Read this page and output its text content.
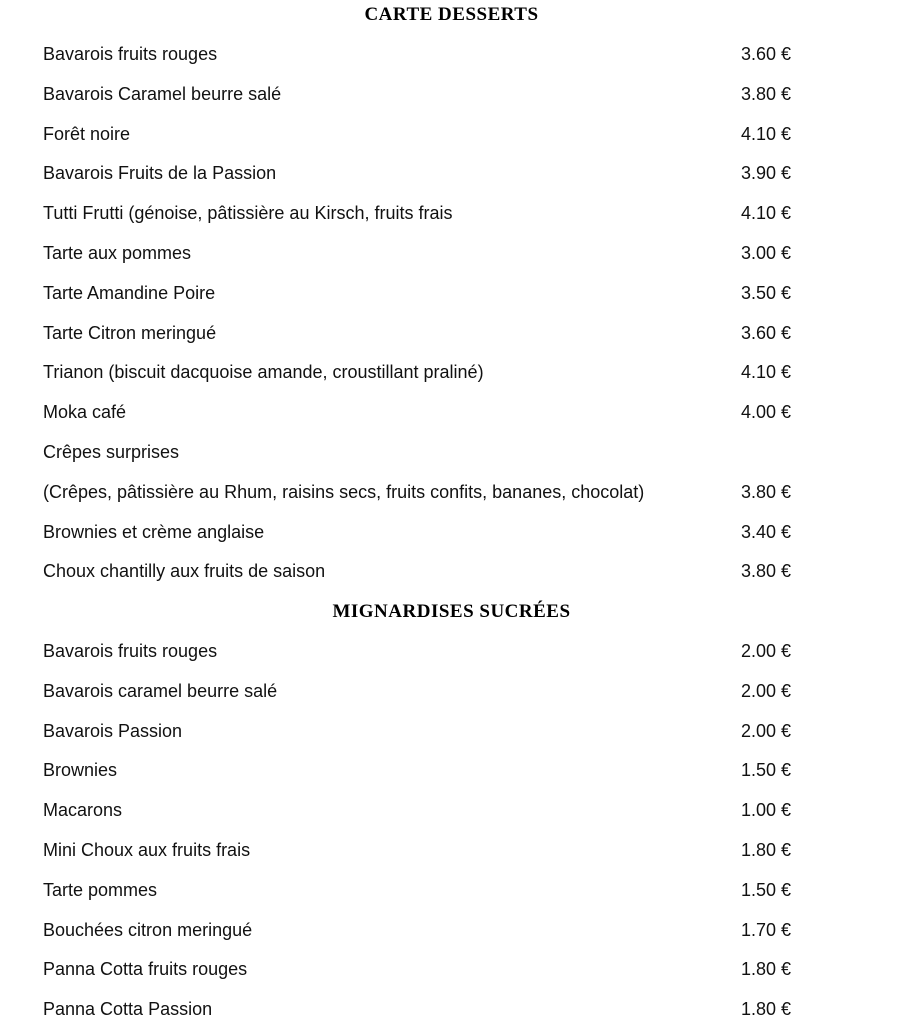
CARTE DESSERTS
Bavarois fruits rouges	3.60 €
Bavarois Caramel beurre salé	3.80 €
Forêt noire	4.10 €
Bavarois Fruits de la Passion	3.90 €
Tutti Frutti (génoise, pâtissière au Kirsch, fruits frais	4.10 €
Tarte aux pommes	3.00 €
Tarte Amandine Poire	3.50 €
Tarte Citron meringué	3.60 €
Trianon (biscuit dacquoise amande, croustillant praliné)	4.10 €
Moka café	4.00 €
Crêpes surprises
(Crêpes, pâtissière au Rhum, raisins secs, fruits confits, bananes, chocolat)	3.80 €
Brownies et crème anglaise	3.40 €
Choux chantilly aux fruits de saison	3.80 €
MIGNARDISES SUCRÉES
Bavarois fruits rouges	2.00 €
Bavarois caramel beurre salé	2.00 €
Bavarois Passion	2.00 €
Brownies	1.50 €
Macarons	1.00 €
Mini Choux aux fruits frais	1.80 €
Tarte pommes	1.50 €
Bouchées citron meringué	1.70 €
Panna Cotta fruits rouges	1.80 €
Panna Cotta Passion	1.80 €
